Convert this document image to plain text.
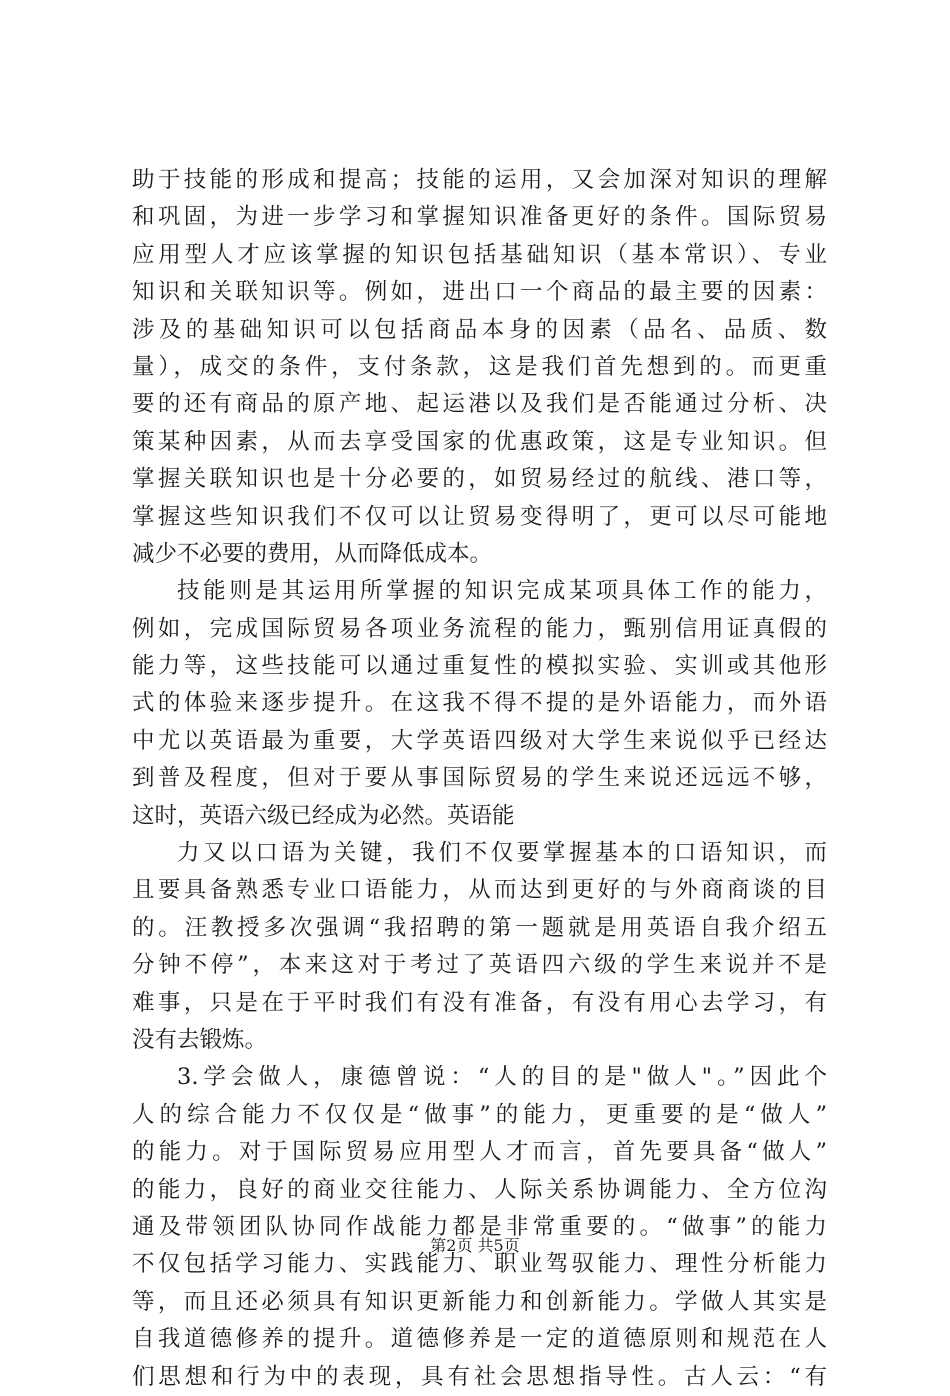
助于技能的形成和提高；技能的运用，又会加深对知识的理解
和巩固，为进一步学习和掌握知识准备更好的条件。国际贸易
应用型人才应该掌握的知识包括基础知识（基本常识）、专业
知识和关联知识等。例如，进出口一个商品的最主要的因素：
涉及的基础知识可以包括商品本身的因素（品名、品质、数
量），成交的条件，支付条款，这是我们首先想到的。而更重
要的还有商品的原产地、起运港以及我们是否能通过分析、决
策某种因素，从而去享受国家的优惠政策，这是专业知识。但
掌握关联知识也是十分必要的，如贸易经过的航线、港口等，
掌握这些知识我们不仅可以让贸易变得明了，更可以尽可能地
减少不必要的费用，从而降低成本。
技能则是其运用所掌握的知识完成某项具体工作的能力，
例如，完成国际贸易各项业务流程的能力，甄别信用证真假的
能力等，这些技能可以通过重复性的模拟实验、实训或其他形
式的体验来逐步提升。在这我不得不提的是外语能力，而外语
中尤以英语最为重要，大学英语四级对大学生来说似乎已经达
到普及程度，但对于要从事国际贸易的学生来说还远远不够，
这时，英语六级已经成为必然。英语能
力又以口语为关键，我们不仅要掌握基本的口语知识，而
且要具备熟悉专业口语能力，从而达到更好的与外商商谈的目
的。汪教授多次强调“我招聘的第一题就是用英语自我介绍五
分钟不停”，本来这对于考过了英语四六级的学生来说并不是
难事，只是在于平时我们有没有准备，有没有用心去学习，有
没有去锻炼。
3.学会做人，康德曾说：“人的目的是"做人"。”因此个
人的综合能力不仅仅是“做事”的能力，更重要的是“做人”
的能力。对于国际贸易应用型人才而言，首先要具备“做人”
的能力，良好的商业交往能力、人际关系协调能力、全方位沟
通及带领团队协同作战能力都是非常重要的。“做事”的能力
不仅包括学习能力、实践能力、职业驾驭能力、理性分析能力
等，而且还必须具有知识更新能力和创新能力。学做人其实是
自我道德修养的提升。道德修养是一定的道德原则和规范在人
们思想和行为中的表现，具有社会思想指导性。古人云：“有
第2页 共5页
